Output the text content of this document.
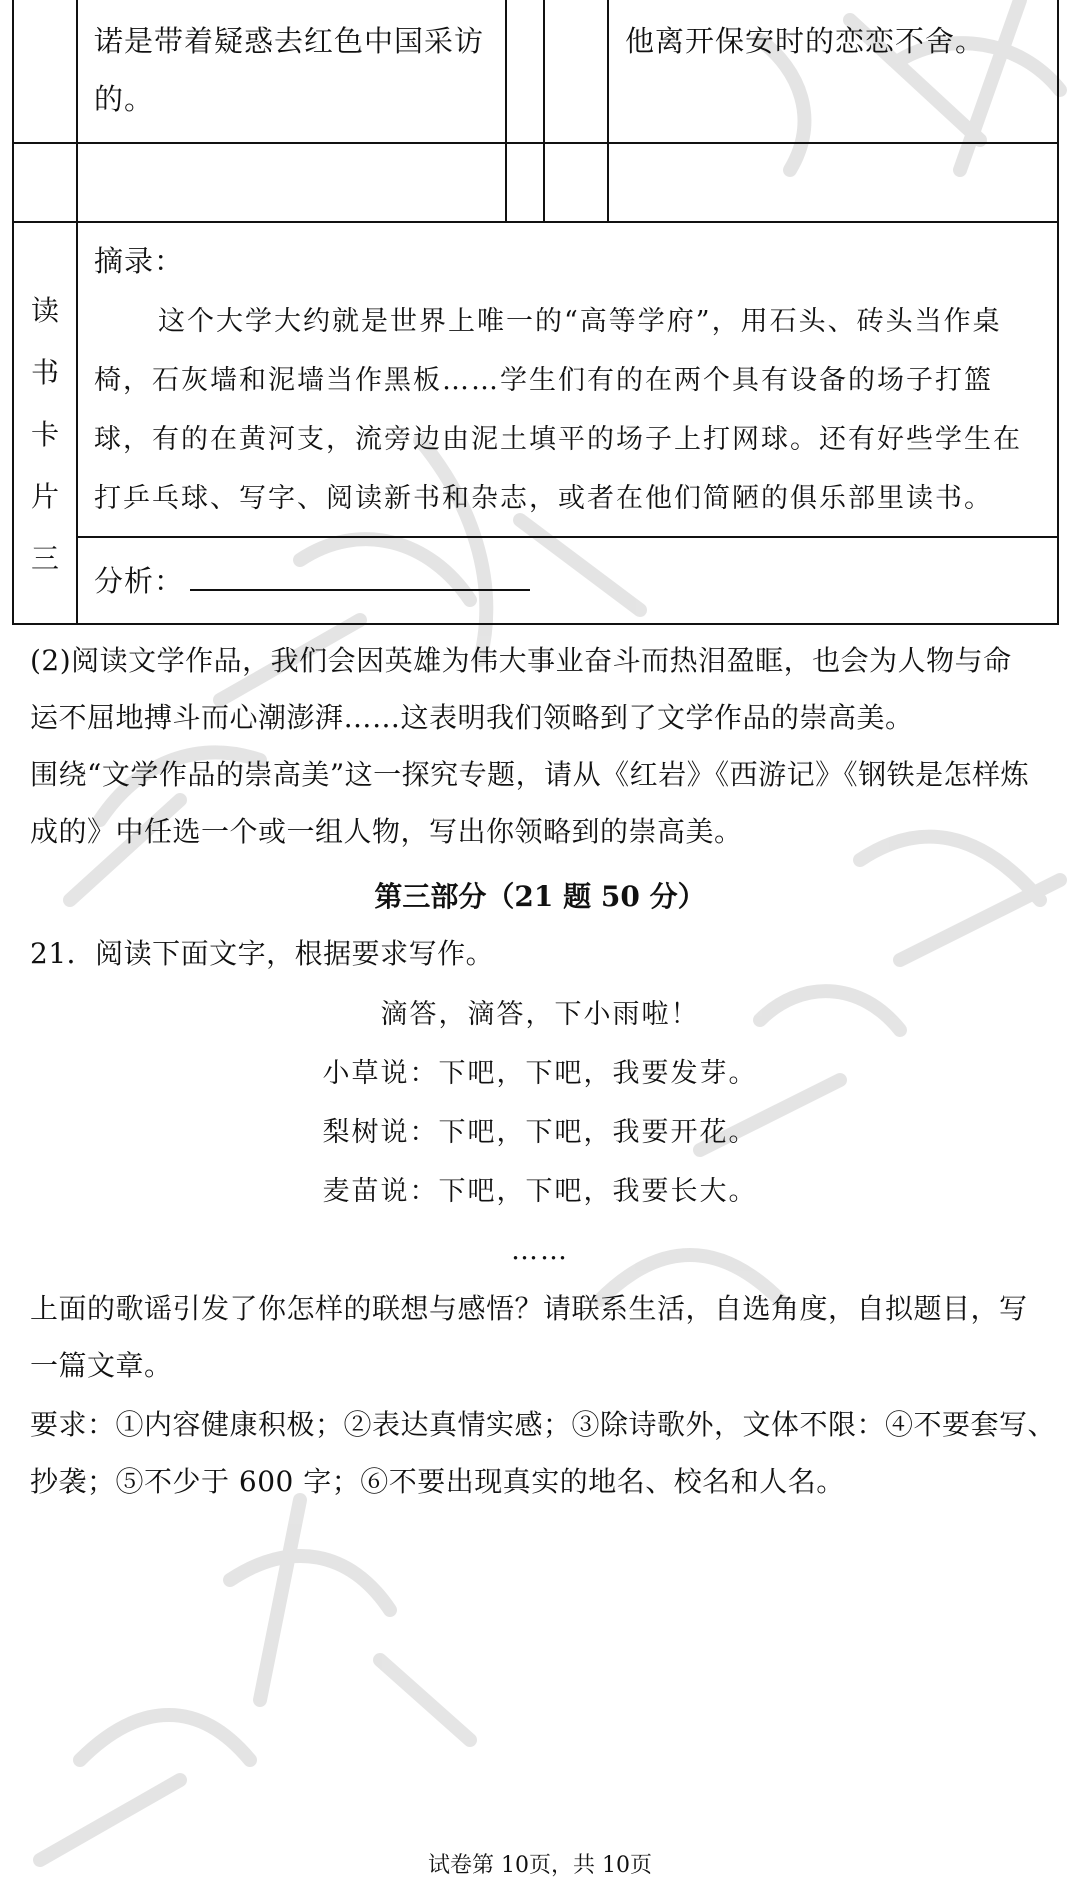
诺是带着疑惑去红色中国采访
的。
他离开保安时的恋恋不舍。
读
书
卡
片
三
摘录：
这个大学大约就是世界上唯一的“高等学府”，用石头、砖头当作桌
椅，石灰墙和泥墙当作黑板……学生们有的在两个具有设备的场子打篮
球，有的在黄河支，流旁边由泥土填平的场子上打网球。还有好些学生在
打乒乓球、写字、阅读新书和杂志，或者在他们简陋的俱乐部里读书。
分析：
(2)阅读文学作品，我们会因英雄为伟大事业奋斗而热泪盈眶，也会为人物与命
运不屈地搏斗而心潮澎湃……这表明我们领略到了文学作品的崇高美。
围绕“文学作品的崇高美”这一探究专题，请从《红岩》《西游记》《钢铁是怎样炼
成的》中任选一个或一组人物，写出你领略到的崇高美。
第三部分（21 题 50 分）
21．阅读下面文字，根据要求写作。
滴答，滴答，下小雨啦！
小草说：下吧，下吧，我要发芽。
梨树说：下吧，下吧，我要开花。
麦苗说：下吧，下吧，我要长大。
……
上面的歌谣引发了你怎样的联想与感悟？请联系生活，自选角度，自拟题目，写
一篇文章。
要求：①内容健康积极；②表达真情实感；③除诗歌外，文体不限：④不要套写、
抄袭；⑤不少于 600 字；⑥不要出现真实的地名、校名和人名。
试卷第 10页，共 10页
